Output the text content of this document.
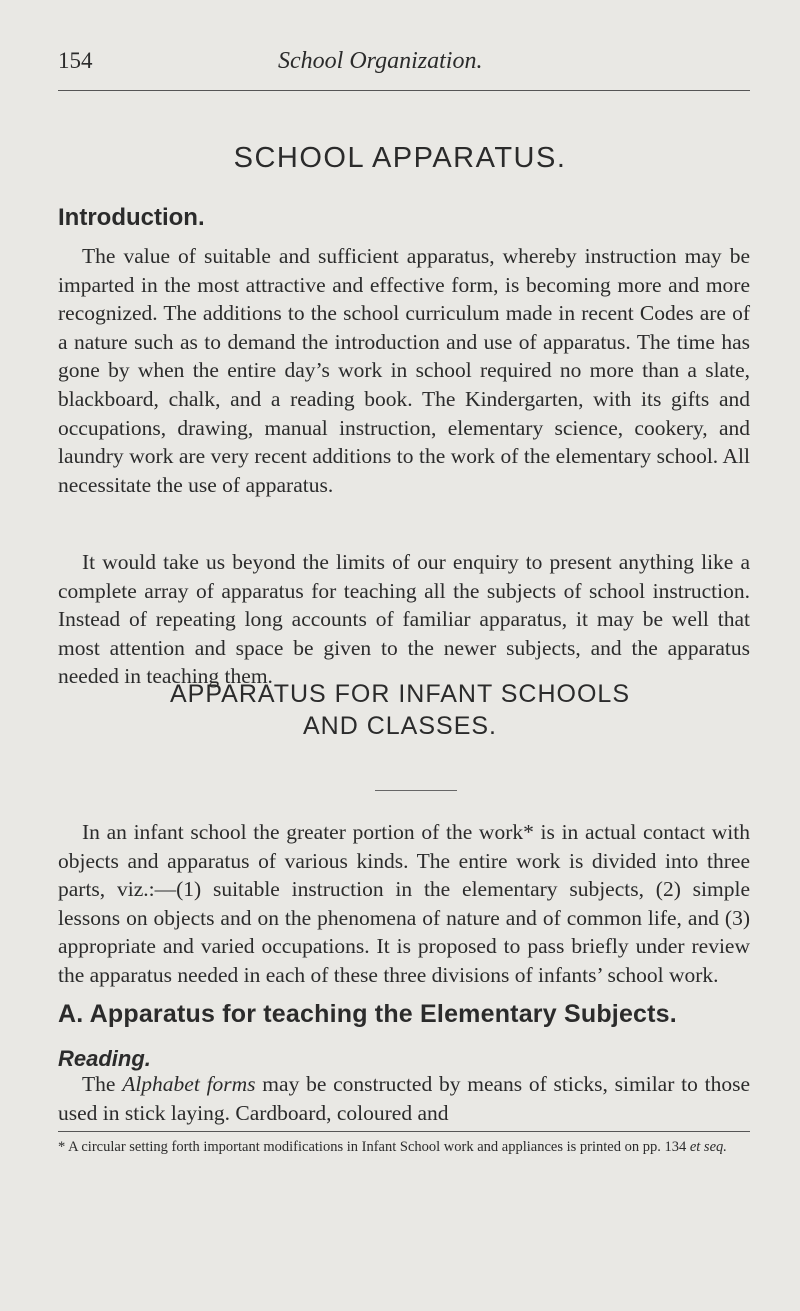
154	School Organization.
SCHOOL APPARATUS.
Introduction.

The value of suitable and sufficient apparatus, whereby instruction may be imparted in the most attractive and effective form, is becoming more and more recognized. The additions to the school curriculum made in recent Codes are of a nature such as to demand the introduction and use of apparatus. The time has gone by when the entire day’s work in school required no more than a slate, blackboard, chalk, and a reading book. The Kindergarten, with its gifts and occupations, drawing, manual instruction, elementary science, cookery, and laundry work are very recent additions to the work of the elementary school. All necessitate the use of apparatus.

It would take us beyond the limits of our enquiry to present anything like a complete array of apparatus for teaching all the subjects of school instruction. Instead of repeating long accounts of familiar apparatus, it may be well that most attention and space be given to the newer subjects, and the apparatus needed in teaching them.

APPARATUS FOR INFANT SCHOOLS
AND CLASSES.

In an infant school the greater portion of the work* is in actual contact with objects and apparatus of various kinds. The entire work is divided into three parts, viz.:—(1) suitable instruction in the elementary subjects, (2) simple lessons on objects and on the phenomena of nature and of common life, and (3) appropriate and varied occupations. It is proposed to pass briefly under review the apparatus needed in each of these three divisions of infants’ school work.

A. Apparatus for teaching the Elementary Subjects.
Reading.

The Alphabet forms may be constructed by means of sticks, similar to those used in stick laying. Cardboard, coloured and

* A circular setting forth important modifications in Infant School work and appliances is printed on pp. 134 et seq.
